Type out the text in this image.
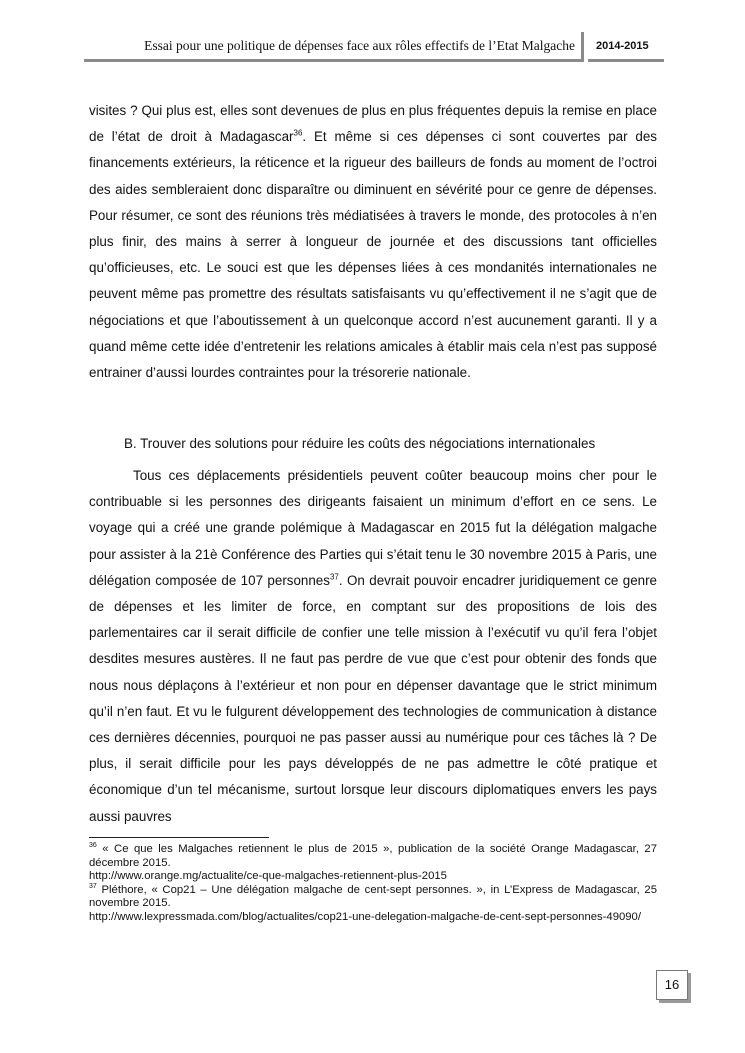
Essai pour une politique de dépenses face aux rôles effectifs de l’Etat Malgache	2014-2015

visites ? Qui plus est, elles sont devenues de plus en plus fréquentes depuis la remise en place de l’état de droit à Madagascar$^{36}$. Et même si ces dépenses ci sont couvertes par des financements extérieurs, la réticence et la rigueur des bailleurs de fonds au moment de l’octroi des aides sembleraient donc disparaître ou diminuent en sévérité pour ce genre de dépenses. Pour résumer, ce sont des réunions très médiatisées à travers le monde, des protocoles à n’en plus finir, des mains à serrer à longueur de journée et des discussions tant officielles qu’officieuses, etc. Le souci est que les dépenses liées à ces mondanités internationales ne peuvent même pas promettre des résultats satisfaisants vu qu’effectivement il ne s’agit que de négociations et que l’aboutissement à un quelconque accord n’est aucunement garanti. Il y a quand même cette idée d’entretenir les relations amicales à établir mais cela n’est pas supposé entrainer d’aussi lourdes contraintes pour la trésorerie nationale.

B. Trouver des solutions pour réduire les coûts des négociations internationales

Tous ces déplacements présidentiels peuvent coûter beaucoup moins cher pour le contribuable si les personnes des dirigeants faisaient un minimum d’effort en ce sens. Le voyage qui a créé une grande polémique à Madagascar en 2015 fut la délégation malgache pour assister à la 21è Conférence des Parties qui s’était tenu le 30 novembre 2015 à Paris, une délégation composée de 107 personnes$^{37}$. On devrait pouvoir encadrer juridiquement ce genre de dépenses et les limiter de force, en comptant sur des propositions de lois des parlementaires car il serait difficile de confier une telle mission à l’exécutif vu qu’il fera l’objet desdites mesures austères. Il ne faut pas perdre de vue que c’est pour obtenir des fonds que nous nous déplaçons à l’extérieur et non pour en dépenser davantage que le strict minimum qu’il n’en faut. Et vu le fulgurent développement des technologies de communication à distance ces dernières décennies, pourquoi ne pas passer aussi au numérique pour ces tâches là ? De plus, il serait difficile pour les pays développés de ne pas admettre le côté pratique et économique d’un tel mécanisme, surtout lorsque leur discours diplomatiques envers les pays aussi pauvres

$^{36}$ « Ce que les Malgaches retiennent le plus de 2015 », publication de la société Orange Madagascar, 27 décembre 2015.

http://www.orange.mg/actualite/ce-que-malgaches-retiennent-plus-2015

$^{37}$ Pléthore, « Cop21 – Une délégation malgache de cent-sept personnes. », in L’Express de Madagascar, 25 novembre 2015.

http://www.lexpressmada.com/blog/actualites/cop21-une-delegation-malgache-de-cent-sept-personnes-49090/

16
